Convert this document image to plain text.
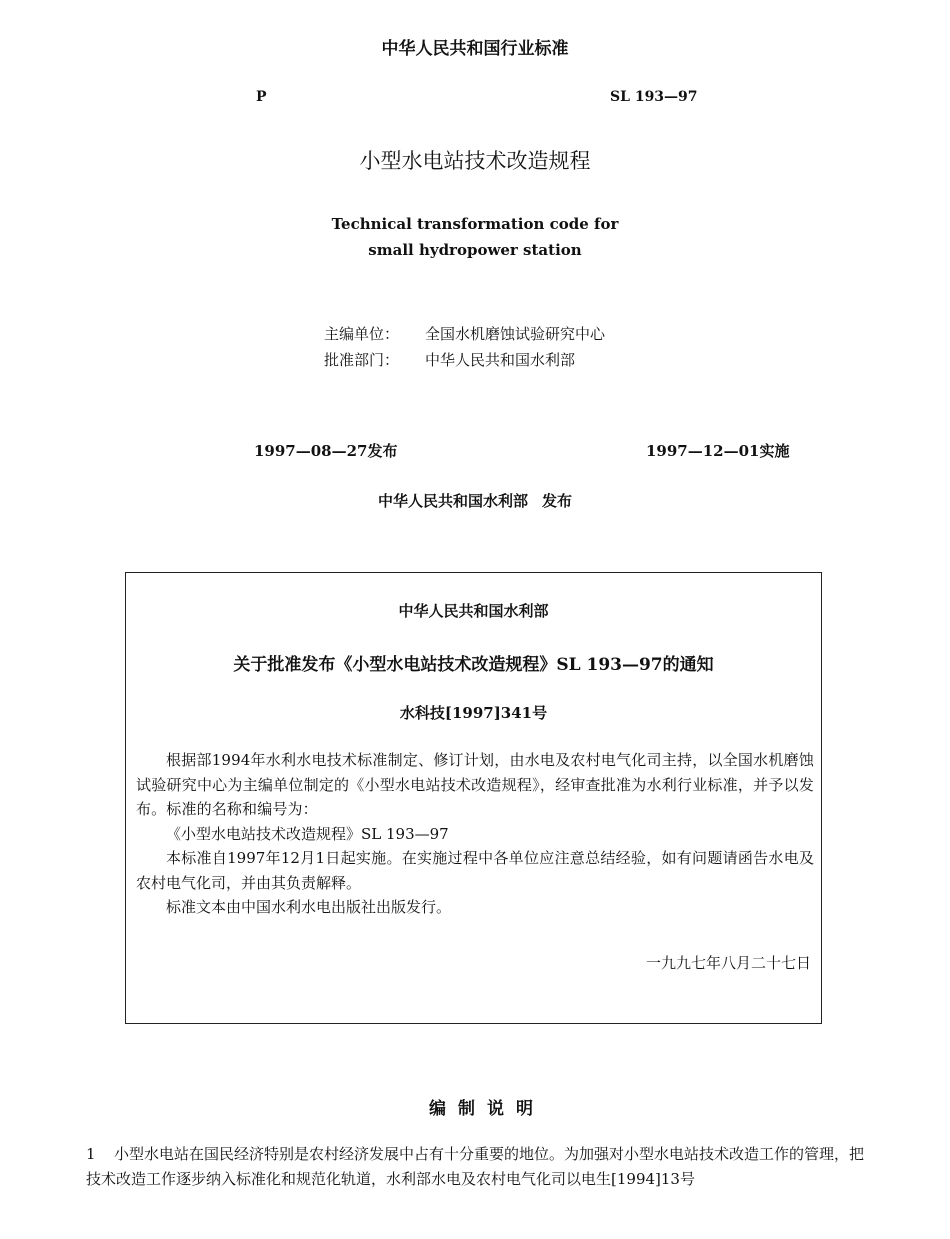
中华人民共和国行业标准
P	SL 193—97
小型水电站技术改造规程
Technical transformation code for
small hydropower station
主编单位： 全国水机磨蚀试验研究中心
批准部门： 中华人民共和国水利部
1997—08—27发布	1997—12—01实施
中华人民共和国水利部 发布
中华人民共和国水利部
关于批准发布《小型水电站技术改造规程》SL 193—97的通知
水科技[1997]341号

根据部1994年水利水电技术标准制定、修订计划，由水电及农村电气化司主持，以全国水机磨蚀试验研究中心为主编单位制定的《小型水电站技术改造规程》，经审查批准为水利行业标准，并予以发布。标准的名称和编号为：

《小型水电站技术改造规程》SL 193—97

本标准自1997年12月1日起实施。在实施过程中各单位应注意总结经验，如有问题请函告水电及农村电气化司，并由其负责解释。

标准文本由中国水利水电出版社出版发行。

一九九七年八月二十七日
编制说明
1 小型水电站在国民经济特别是农村经济发展中占有十分重要的地位。为加强对小型水电站技术改造工作的管理，把技术改造工作逐步纳入标准化和规范化轨道，水利部水电及农村电气化司以电生[1994]13号
